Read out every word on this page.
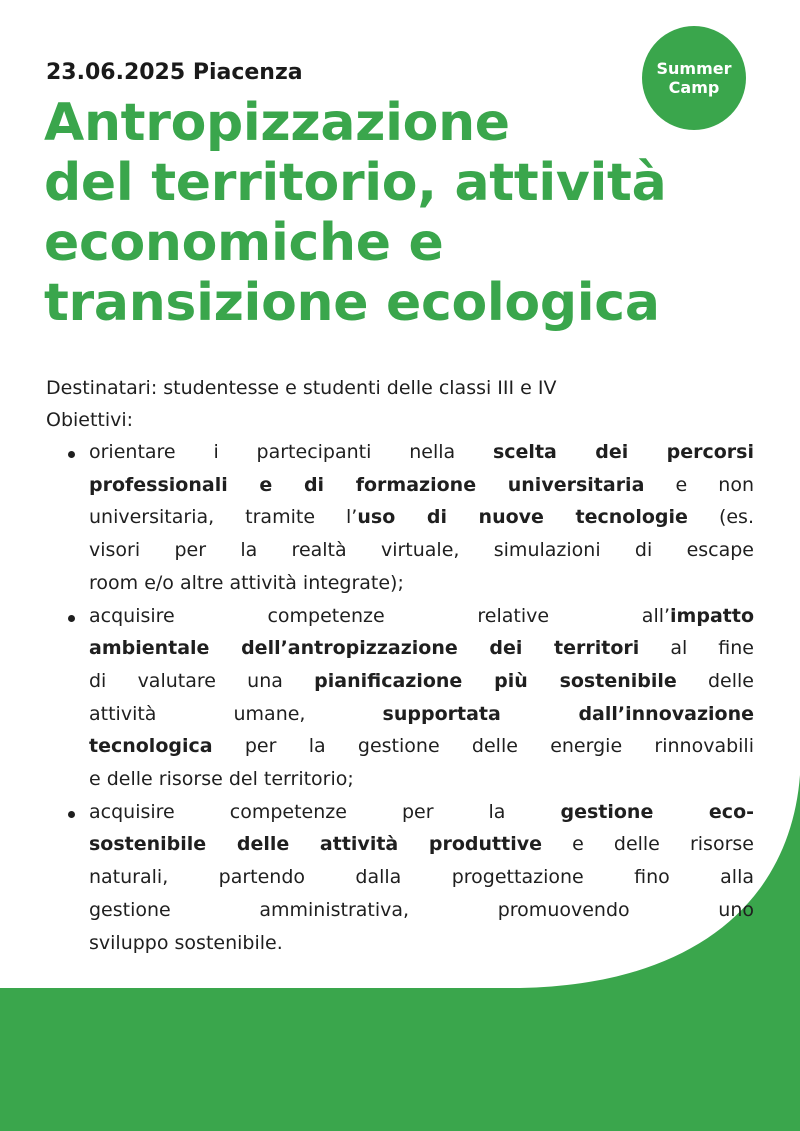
Summer
Camp
23.06.2025 Piacenza
Antropizzazione
del territorio, attività
economiche e
transizione ecologica
Destinatari: studentesse e studenti delle classi III e IV
Obiettivi:
orientare i partecipanti nella scelta dei percorsi
professionali e di formazione universitaria e non
universitaria, tramite l’uso di nuove tecnologie (es.
visori per la realtà virtuale, simulazioni di escape
room e/o altre attività integrate);
acquisire competenze relative all’impatto
ambientale dell’antropizzazione dei territori al fine
di valutare una pianificazione più sostenibile delle
attività umane, supportata dall’innovazione
tecnologica per la gestione delle energie rinnovabili
e delle risorse del territorio;
acquisire competenze per la gestione eco-
sostenibile delle attività produttive e delle risorse
naturali, partendo dalla progettazione fino alla
gestione amministrativa, promuovendo uno
sviluppo sostenibile.
